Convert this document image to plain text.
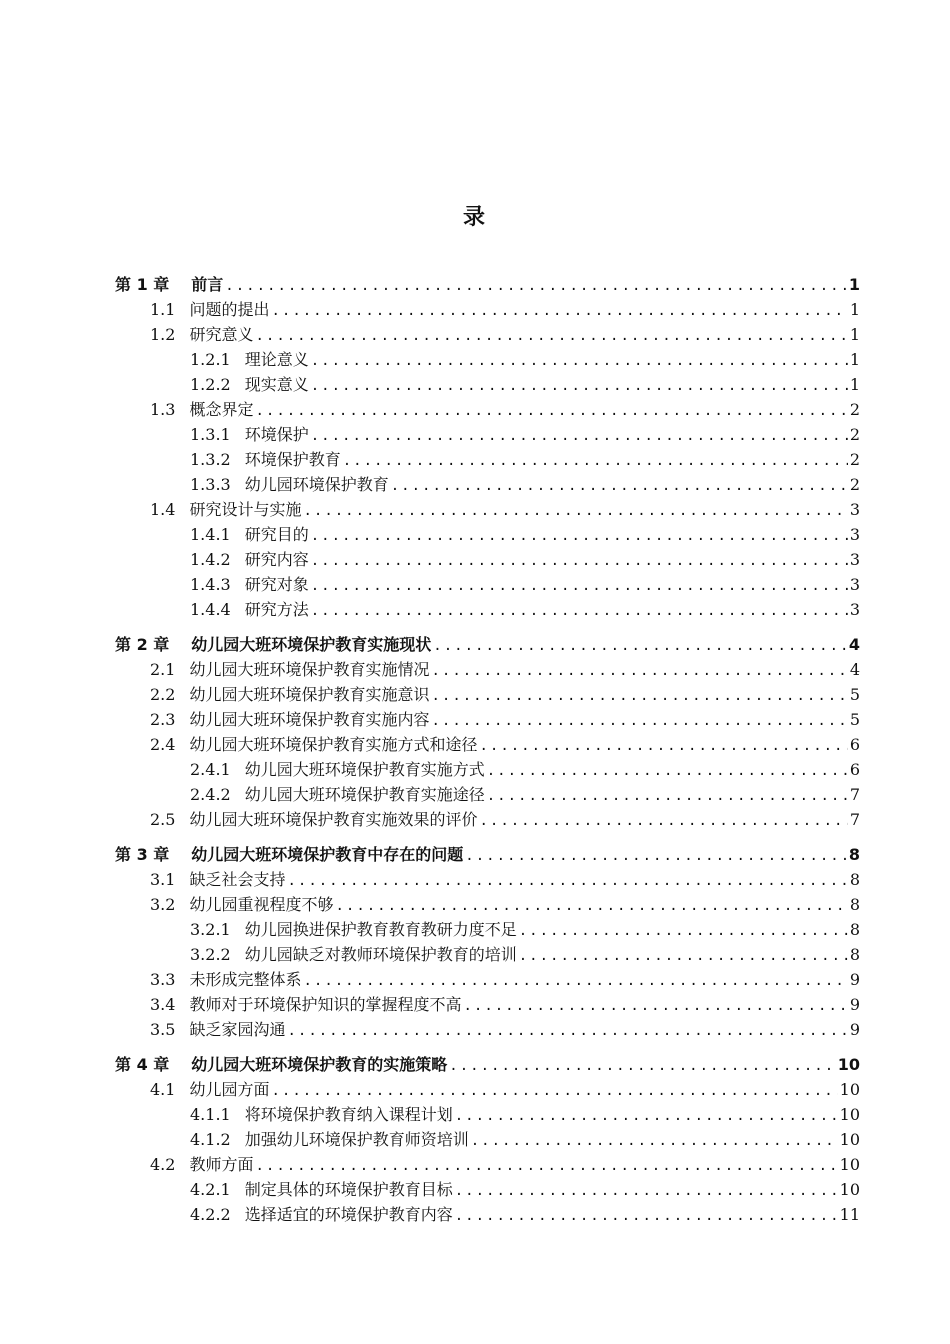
录
第 1 章 前言 .....	1
1.1 问题的提出 .....	1
1.2 研究意义 .....	1
1.2.1 理论意义 .....	1
1.2.2 现实意义 .....	1
1.3 概念界定 .....	2
1.3.1 环境保护 .....	2
1.3.2 环境保护教育 .....	2
1.3.3 幼儿园环境保护教育 .....	2
1.4 研究设计与实施 .....	3
1.4.1 研究目的 .....	3
1.4.2 研究内容 .....	3
1.4.3 研究对象 .....	3
1.4.4 研究方法 .....	3
第 2 章 幼儿园大班环境保护教育实施现状 .....	4
2.1 幼儿园大班环境保护教育实施情况 .....	4
2.2 幼儿园大班环境保护教育实施意识 .....	5
2.3 幼儿园大班环境保护教育实施内容 .....	5
2.4 幼儿园大班环境保护教育实施方式和途径 .....	6
2.4.1 幼儿园大班环境保护教育实施方式 .....	6
2.4.2 幼儿园大班环境保护教育实施途径 .....	7
2.5 幼儿园大班环境保护教育实施效果的评价 .....	7
第 3 章 幼儿园大班环境保护教育中存在的问题 .....	8
3.1 缺乏社会支持 .....	8
3.2 幼儿园重视程度不够 .....	8
3.2.1 幼儿园换进保护教育教育教研力度不足 .....	8
3.2.2 幼儿园缺乏对教师环境保护教育的培训 .....	8
3.3 未形成完整体系 .....	9
3.4 教师对于环境保护知识的掌握程度不高 .....	9
3.5 缺乏家园沟通 .....	9
第 4 章 幼儿园大班环境保护教育的实施策略 .....	10
4.1 幼儿园方面 .....	10
4.1.1 将环境保护教育纳入课程计划 .....	10
4.1.2 加强幼儿环境保护教育师资培训 .....	10
4.2 教师方面 .....	10
4.2.1 制定具体的环境保护教育目标 .....	10
4.2.2 选择适宜的环境保护教育内容 .....	11
